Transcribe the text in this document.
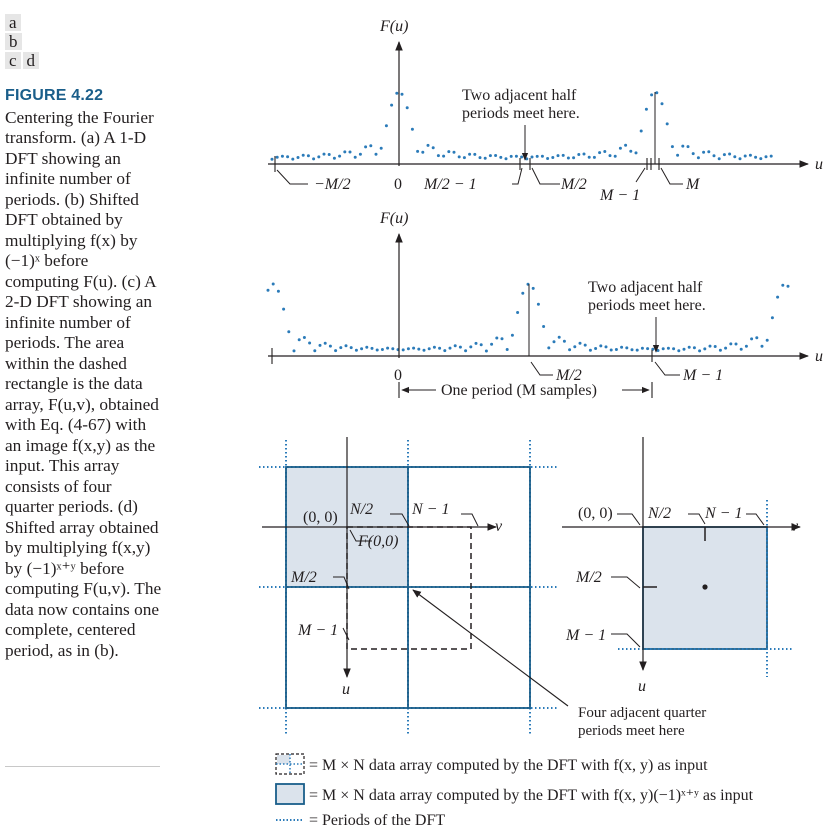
a
b
c d
FIGURE 4.22
Centering the Fourier transform. (a) A 1-D DFT showing an infinite number of periods. (b) Shifted DFT obtained by multiplying f(x) by (−1)ˣ before computing F(u). (c) A 2-D DFT showing an infinite number of periods. The area within the dashed rectangle is the data array, F(u,v), obtained with Eq. (4-67) with an image f(x,y) as the input. This array consists of four quarter periods. (d) Shifted array obtained by multiplying f(x,y) by (−1)ˣ⁺ʸ before computing F(u,v). The data now contains one complete, centered period, as in (b).
F(u)
u
Two adjacent half
periods meet here.
−M/2	0 M/2 − 1	M/2
M − 1
M
F(u)
u
Two adjacent half
periods meet here.
0	M/2	M − 1
One period (M samples)
v
u
(0, 0) N/2 N − 1
F(0,0)
M/2
M − 1
v
u
(0, 0) N/2 N − 1
M/2
M − 1
Four adjacent quarter
periods meet here
= M × N data array computed by the DFT with f(x, y) as input
= M × N data array computed by the DFT with f(x, y)(−1)ˣ⁺ʸ as input
= Periods of the DFT
